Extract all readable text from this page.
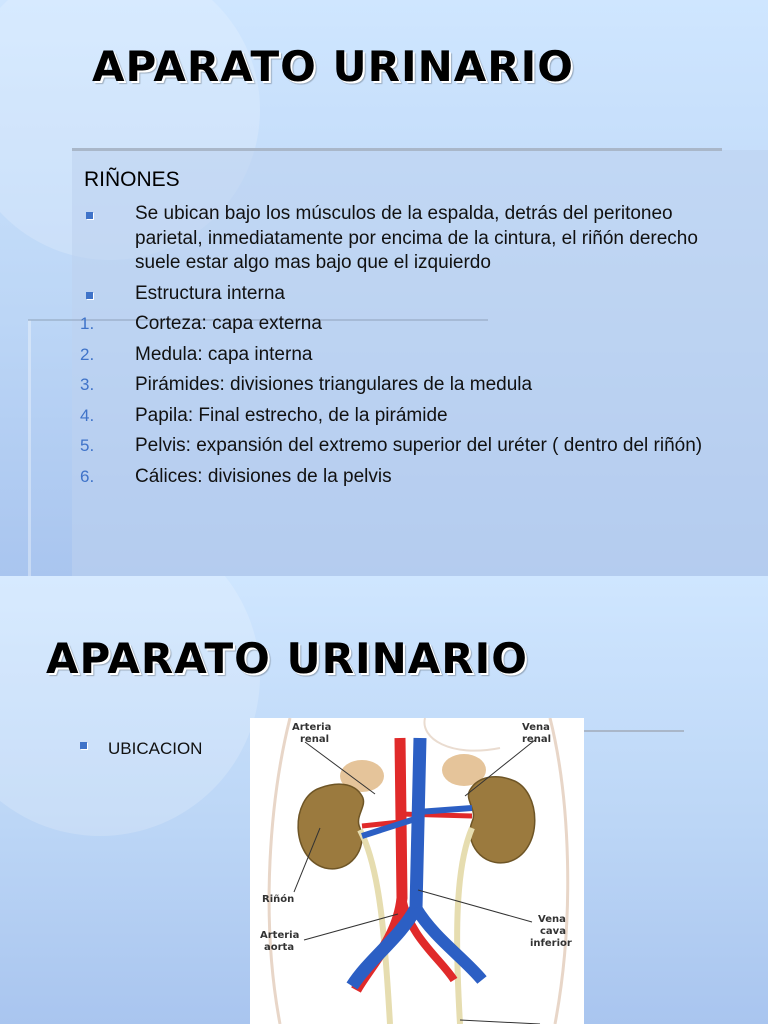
APARATO URINARIO
RIÑONES
Se ubican bajo los músculos de la espalda, detrás del peritoneo parietal, inmediatamente por encima de la cintura, el riñón derecho suele estar algo mas bajo que el izquierdo
Estructura interna
1.	Corteza: capa externa
2.	Medula: capa interna
3.	Pirámides: divisiones triangulares de la medula
4.	Papila: Final estrecho, de la pirámide
5.	Pelvis: expansión del extremo superior del uréter ( dentro del riñón)
6.	Cálices: divisiones de la pelvis
APARATO URINARIO
UBICACION
Arteria
renal
Vena
renal
Riñón
Arteria
aorta
Vena
cava
inferior
